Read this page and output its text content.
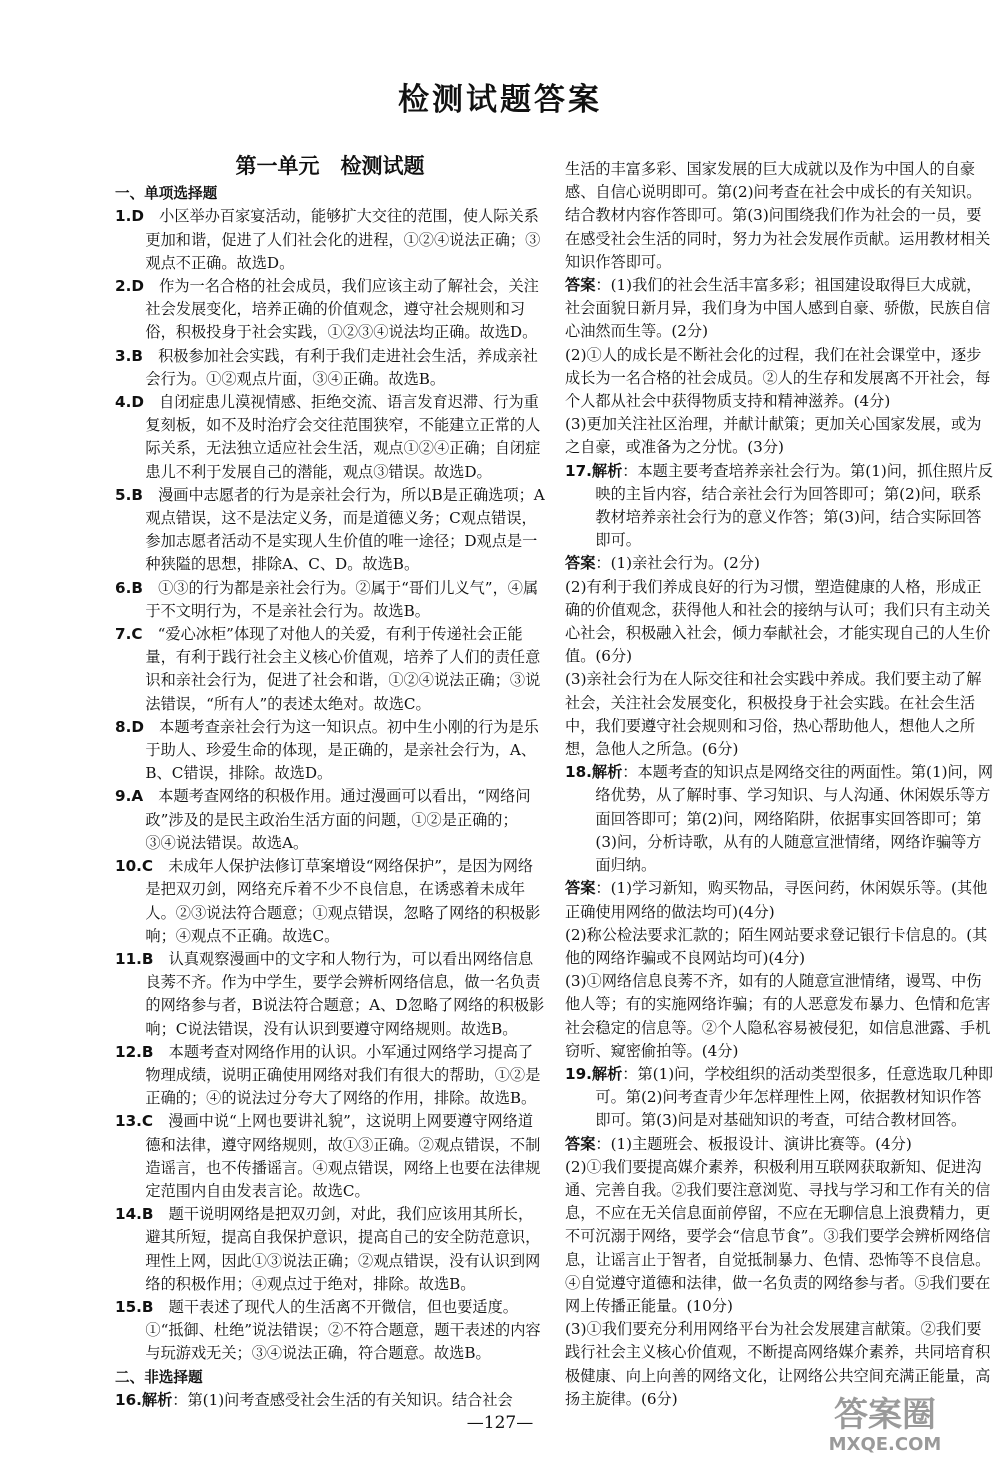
检测试题答案
第一单元　检测试题
一、单项选择题
1.D　小区举办百家宴活动，能够扩大交往的范围，使人际关系更加和谐，促进了人们社会化的进程，①②④说法正确；③观点不正确。故选D。
2.D　作为一名合格的社会成员，我们应该主动了解社会，关注社会发展变化，培养正确的价值观念，遵守社会规则和习俗，积极投身于社会实践，①②③④说法均正确。故选D。
3.B　积极参加社会实践，有利于我们走进社会生活，养成亲社会行为。①②观点片面，③④正确。故选B。
4.D　自闭症患儿漠视情感、拒绝交流、语言发育迟滞、行为重复刻板，如不及时治疗会交往范围狭窄，不能建立正常的人际关系，无法独立适应社会生活，观点①②④正确；自闭症患儿不利于发展自己的潜能，观点③错误。故选D。
5.B　漫画中志愿者的行为是亲社会行为，所以B是正确选项；A观点错误，这不是法定义务，而是道德义务；C观点错误，参加志愿者活动不是实现人生价值的唯一途径；D观点是一种狭隘的思想，排除A、C、D。故选B。
6.B　①③的行为都是亲社会行为。②属于“哥们儿义气”，④属于不文明行为，不是亲社会行为。故选B。
7.C　“爱心冰柜”体现了对他人的关爱，有利于传递社会正能量，有利于践行社会主义核心价值观，培养了人们的责任意识和亲社会行为，促进了社会和谐，①②④说法正确；③说法错误，“所有人”的表述太绝对。故选C。
8.D　本题考查亲社会行为这一知识点。初中生小刚的行为是乐于助人、珍爱生命的体现，是正确的，是亲社会行为，A、B、C错误，排除。故选D。
9.A　本题考查网络的积极作用。通过漫画可以看出，“网络问政”涉及的是民主政治生活方面的问题，①②是正确的；③④说法错误。故选A。
10.C　未成年人保护法修订草案增设“网络保护”，是因为网络是把双刃剑，网络充斥着不少不良信息，在诱惑着未成年人。②③说法符合题意；①观点错误，忽略了网络的积极影响；④观点不正确。故选C。
11.B　认真观察漫画中的文字和人物行为，可以看出网络信息良莠不齐。作为中学生，要学会辨析网络信息，做一名负责的网络参与者，B说法符合题意；A、D忽略了网络的积极影响；C说法错误，没有认识到要遵守网络规则。故选B。
12.B　本题考查对网络作用的认识。小军通过网络学习提高了物理成绩，说明正确使用网络对我们有很大的帮助，①②是正确的；④的说法过分夸大了网络的作用，排除。故选B。
13.C　漫画中说“上网也要讲礼貌”，这说明上网要遵守网络道德和法律，遵守网络规则，故①③正确。②观点错误，不制造谣言，也不传播谣言。④观点错误，网络上也要在法律规定范围内自由发表言论。故选C。
14.B　题干说明网络是把双刃剑，对此，我们应该用其所长，避其所短，提高自我保护意识，提高自己的安全防范意识，理性上网，因此①③说法正确；②观点错误，没有认识到网络的积极作用；④观点过于绝对，排除。故选B。
15.B　题干表述了现代人的生活离不开微信，但也要适度。①“抵御、杜绝”说法错误；②不符合题意，题干表述的内容与玩游戏无关；③④说法正确，符合题意。故选B。
二、非选择题
16.解析：第(1)问考查感受社会生活的有关知识。结合社会
生活的丰富多彩、国家发展的巨大成就以及作为中国人的自豪感、自信心说明即可。第(2)问考查在社会中成长的有关知识。结合教材内容作答即可。第(3)问围绕我们作为社会的一员，要在感受社会生活的同时，努力为社会发展作贡献。运用教材相关知识作答即可。
答案：(1)我们的社会生活丰富多彩；祖国建设取得巨大成就，社会面貌日新月异，我们身为中国人感到自豪、骄傲，民族自信心油然而生等。(2分)
(2)①人的成长是不断社会化的过程，我们在社会课堂中，逐步成长为一名合格的社会成员。②人的生存和发展离不开社会，每个人都从社会中获得物质支持和精神滋养。(4分)
(3)更加关注社区治理，并献计献策；更加关心国家发展，或为之自豪，或准备为之分忧。(3分)
17.解析：本题主要考查培养亲社会行为。第(1)问，抓住照片反映的主旨内容，结合亲社会行为回答即可；第(2)问，联系教材培养亲社会行为的意义作答；第(3)问，结合实际回答即可。
答案：(1)亲社会行为。(2分)
(2)有利于我们养成良好的行为习惯，塑造健康的人格，形成正确的价值观念，获得他人和社会的接纳与认可；我们只有主动关心社会，积极融入社会，倾力奉献社会，才能实现自己的人生价值。(6分)
(3)亲社会行为在人际交往和社会实践中养成。我们要主动了解社会，关注社会发展变化，积极投身于社会实践。在社会生活中，我们要遵守社会规则和习俗，热心帮助他人，想他人之所想，急他人之所急。(6分)
18.解析：本题考查的知识点是网络交往的两面性。第(1)问，网络优势，从了解时事、学习知识、与人沟通、休闲娱乐等方面回答即可；第(2)问，网络陷阱，依据事实回答即可；第(3)问，分析诗歌，从有的人随意宣泄情绪，网络诈骗等方面归纳。
答案：(1)学习新知，购买物品，寻医问药，休闲娱乐等。(其他正确使用网络的做法均可)(4分)
(2)称公检法要求汇款的；陌生网站要求登记银行卡信息的。(其他的网络诈骗或不良网站均可)(4分)
(3)①网络信息良莠不齐，如有的人随意宣泄情绪，谩骂、中伤他人等；有的实施网络诈骗；有的人恶意发布暴力、色情和危害社会稳定的信息等。②个人隐私容易被侵犯，如信息泄露、手机窃听、窥密偷拍等。(4分)
19.解析：第(1)问，学校组织的活动类型很多，任意选取几种即可。第(2)问考查青少年怎样理性上网，依据教材知识作答即可。第(3)问是对基础知识的考查，可结合教材回答。
答案：(1)主题班会、板报设计、演讲比赛等。(4分)
(2)①我们要提高媒介素养，积极利用互联网获取新知、促进沟通、完善自我。②我们要注意浏览、寻找与学习和工作有关的信息，不应在无关信息面前停留，不应在无聊信息上浪费精力，更不可沉溺于网络，要学会“信息节食”。③我们要学会辨析网络信息，让谣言止于智者，自觉抵制暴力、色情、恐怖等不良信息。④自觉遵守道德和法律，做一名负责的网络参与者。⑤我们要在网上传播正能量。(10分)
(3)①我们要充分利用网络平台为社会发展建言献策。②我们要践行社会主义核心价值观，不断提高网络媒介素养，共同培育积极健康、向上向善的网络文化，让网络公共空间充满正能量，高扬主旋律。(6分)
—127—	答案圈
MXQE.COM
